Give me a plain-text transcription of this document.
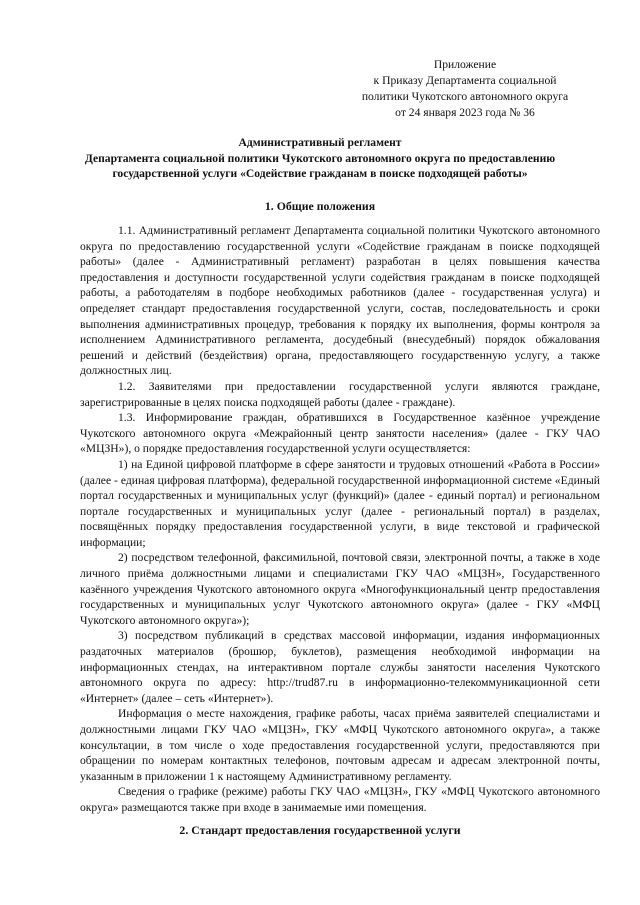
Приложение
к Приказу Департамента социальной
политики Чукотского автономного округа
от 24 января 2023 года № 36
Административный регламент
Департамента социальной политики Чукотского автономного округа по предоставлению
государственной услуги «Содействие гражданам в поиске подходящей работы»
1. Общие положения

1.1. Административный регламент Департамента социальной политики Чукотского автономного округа по предоставлению государственной услуги «Содействие гражданам в поиске подходящей работы» (далее - Административный регламент) разработан в целях повышения качества предоставления и доступности государственной услуги содействия гражданам в поиске подходящей работы, а работодателям в подборе необходимых работников (далее - государственная услуга) и определяет стандарт предоставления государственной услуги, состав, последовательность и сроки выполнения административных процедур, требования к порядку их выполнения, формы контроля за исполнением Административного регламента, досудебный (внесудебный) порядок обжалования решений и действий (бездействия) органа, предоставляющего государственную услугу, а также должностных лиц.

1.2. Заявителями при предоставлении государственной услуги являются граждане, зарегистрированные в целях поиска подходящей работы (далее - граждане).

1.3. Информирование граждан, обратившихся в Государственное казённое учреждение Чукотского автономного округа «Межрайонный центр занятости населения» (далее - ГКУ ЧАО «МЦЗН»), о порядке предоставления государственной услуги осуществляется:

1) на Единой цифровой платформе в сфере занятости и трудовых отношений «Работа в России» (далее - единая цифровая платформа), федеральной государственной информационной системе «Единый портал государственных и муниципальных услуг (функций)» (далее - единый портал) и региональном портале государственных и муниципальных услуг (далее - региональный портал) в разделах, посвящённых порядку предоставления государственной услуги, в виде текстовой и графической информации;

2) посредством телефонной, факсимильной, почтовой связи, электронной почты, а также в ходе личного приёма должностными лицами и специалистами ГКУ ЧАО «МЦЗН», Государственного казённого учреждения Чукотского автономного округа «Многофункциональный центр предоставления государственных и муниципальных услуг Чукотского автономного округа» (далее - ГКУ «МФЦ Чукотского автономного округа»);

3) посредством публикаций в средствах массовой информации, издания информационных раздаточных материалов (брошюр, буклетов), размещения необходимой информации на информационных стендах, на интерактивном портале службы занятости населения Чукотского автономного округа по адресу: http://trud87.ru в информационно-телекоммуникационной сети «Интернет» (далее – сеть «Интернет»).

Информация о месте нахождения, графике работы, часах приёма заявителей специалистами и должностными лицами ГКУ ЧАО «МЦЗН», ГКУ «МФЦ Чукотского автономного округа», а также консультации, в том числе о ходе предоставления государственной услуги, предоставляются при обращении по номерам контактных телефонов, почтовым адресам и адресам электронной почты, указанным в приложении 1 к настоящему Административному регламенту.

Сведения о графике (режиме) работы ГКУ ЧАО «МЦЗН», ГКУ «МФЦ Чукотского автономного округа» размещаются также при входе в занимаемые ими помещения.

2. Стандарт предоставления государственной услуги
